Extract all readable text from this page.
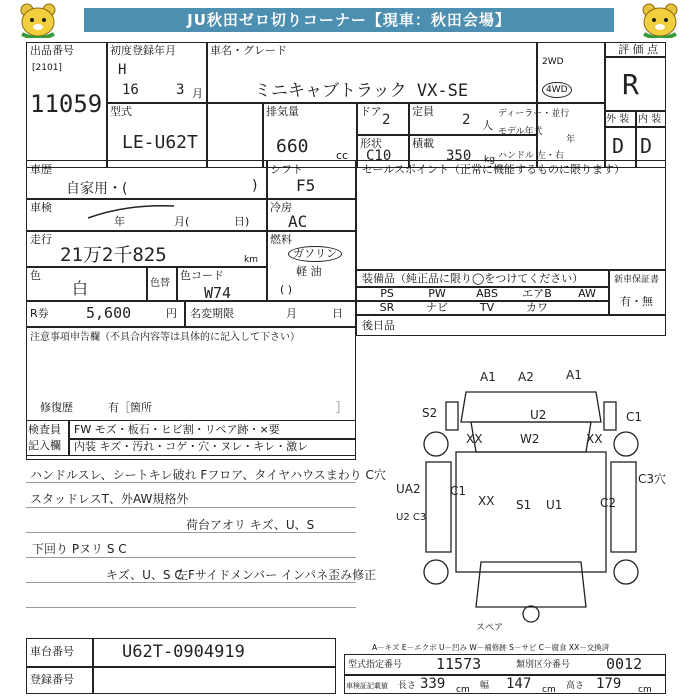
JU秋田ゼロ切りコーナー【現車：秋田会場】
出品番号
[2101]
11059
初度登録年月
H
16	3 月
車名・グレード
ミニキャブトラック VX-SE
2WD
4WD
評 価 点
R
型式
LE-U62T
排気量
660 cc
ドア
2
定員
2 人
形状
C10
積載
350 kg
ディーラー・並行
モデル年式
年
ハンドル 左・右
外 装 内 装
D D
車歴
自家用・(	)
シフト
F5
車検
年	月(	日)
冷房
AC
走行
21万2千825	km
燃料
ガソリン
軽 油
( )
色
白	色替
色コード
W74
R券 5,600	円 名変期限	月	日
注意事項申告欄（不具合内容等は具体的に記入して下さい）
修復歴	有［箇所	］
セールスポイント（正常に機能するものに限ります）
装備品（純正品に限り◯をつけてください）
PS	PW	ABS	エアB	AW
SR	ナビ	TV	カワ
新車保証書
有・無
後日品
検査員
記入欄
FW モズ・板石・ヒビ割・リペア跡・×要
内装 キズ・汚れ・コゲ・穴・ヌレ・キレ・激レ
ハンドルスレ、シートキレ破れ Fフロア、タイヤハウスまわり C穴
スタッドレスT、外AW規格外
荷台アオリ キズ、U、S
下回り Pヌリ S C
キズ、U、S C
左Fサイドメンバー インパネ歪み修正
スペア
A1 A2	A1
S2	U2	C1
XX	W2	XX
C3穴
UA2 C1
XX S1 U1	C2
U2 C3
車台番号	U62T-0904919
登録番号
A－キズ E－エクボ U－凹み W－補修跡 S－サビ C－腐食 XX－交換済
型式指定番号 11573	類別区分番号 0012
車検証記載値 長さ 339 cm 幅 147 cm 高さ 179 cm
